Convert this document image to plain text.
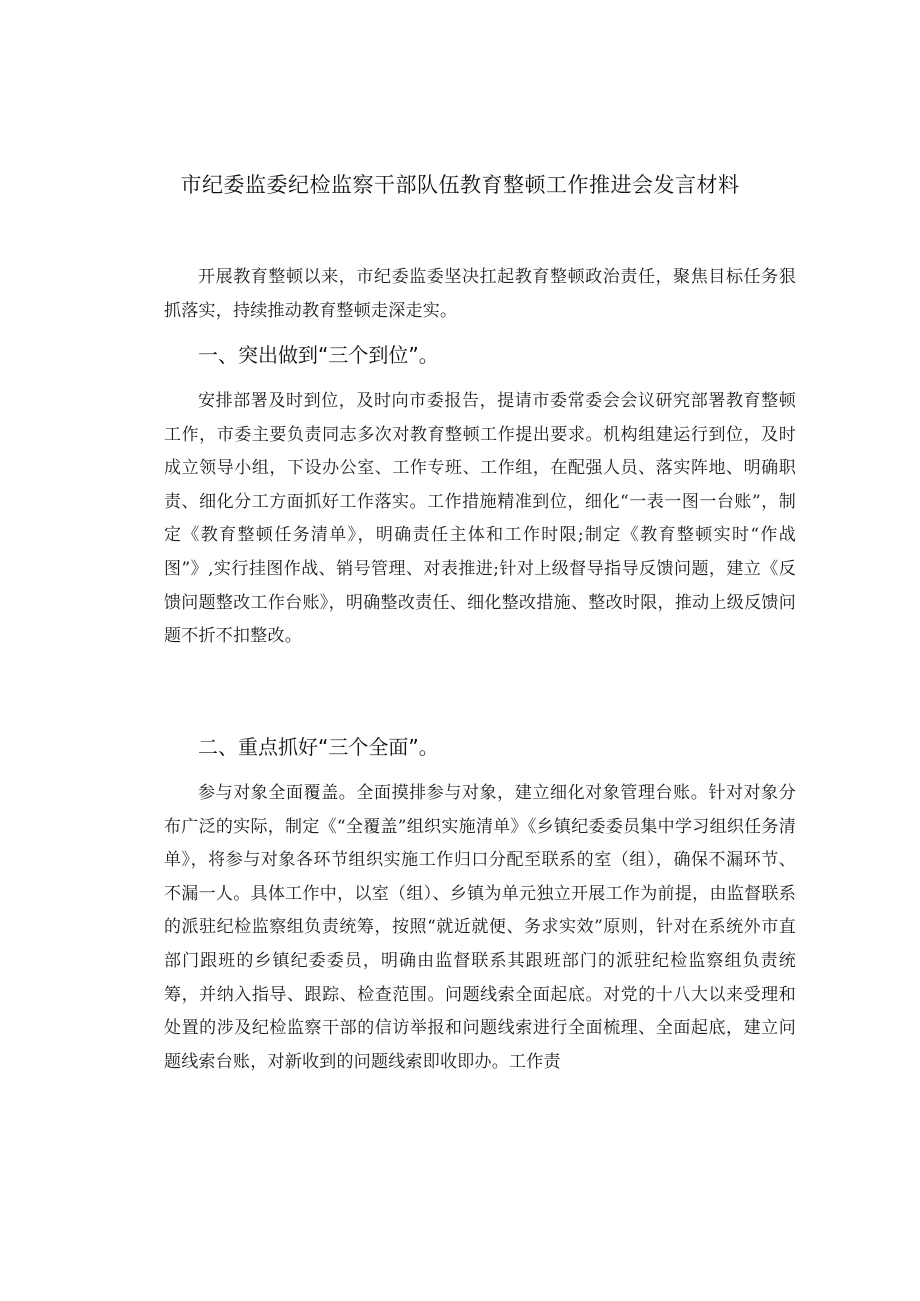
市纪委监委纪检监察干部队伍教育整顿工作推进会发言材料

开展教育整顿以来，市纪委监委坚决扛起教育整顿政治责任，聚焦目标任务狠抓落实，持续推动教育整顿走深走实。

一、突出做到“三个到位”。

安排部署及时到位，及时向市委报告，提请市委常委会会议研究部署教育整顿工作，市委主要负责同志多次对教育整顿工作提出要求。机构组建运行到位，及时成立领导小组，下设办公室、工作专班、工作组，在配强人员、落实阵地、明确职责、细化分工方面抓好工作落实。工作措施精准到位，细化“一表一图一台账”，制定《教育整顿任务清单》，明确责任主体和工作时限;制定《教育整顿实时“作战图”》,实行挂图作战、销号管理、对表推进;针对上级督导指导反馈问题，建立《反馈问题整改工作台账》，明确整改责任、细化整改措施、整改时限，推动上级反馈问题不折不扣整改。

二、重点抓好“三个全面”。

参与对象全面覆盖。全面摸排参与对象，建立细化对象管理台账。针对对象分布广泛的实际，制定《“全覆盖”组织实施清单》《乡镇纪委委员集中学习组织任务清单》，将参与对象各环节组织实施工作归口分配至联系的室（组），确保不漏环节、不漏一人。具体工作中，以室（组）、乡镇为单元独立开展工作为前提，由监督联系的派驻纪检监察组负责统筹，按照“就近就便、务求实效”原则，针对在系统外市直部门跟班的乡镇纪委委员，明确由监督联系其跟班部门的派驻纪检监察组负责统筹，并纳入指导、跟踪、检查范围。问题线索全面起底。对党的十八大以来受理和处置的涉及纪检监察干部的信访举报和问题线索进行全面梳理、全面起底，建立问题线索台账，对新收到的问题线索即收即办。工作责
